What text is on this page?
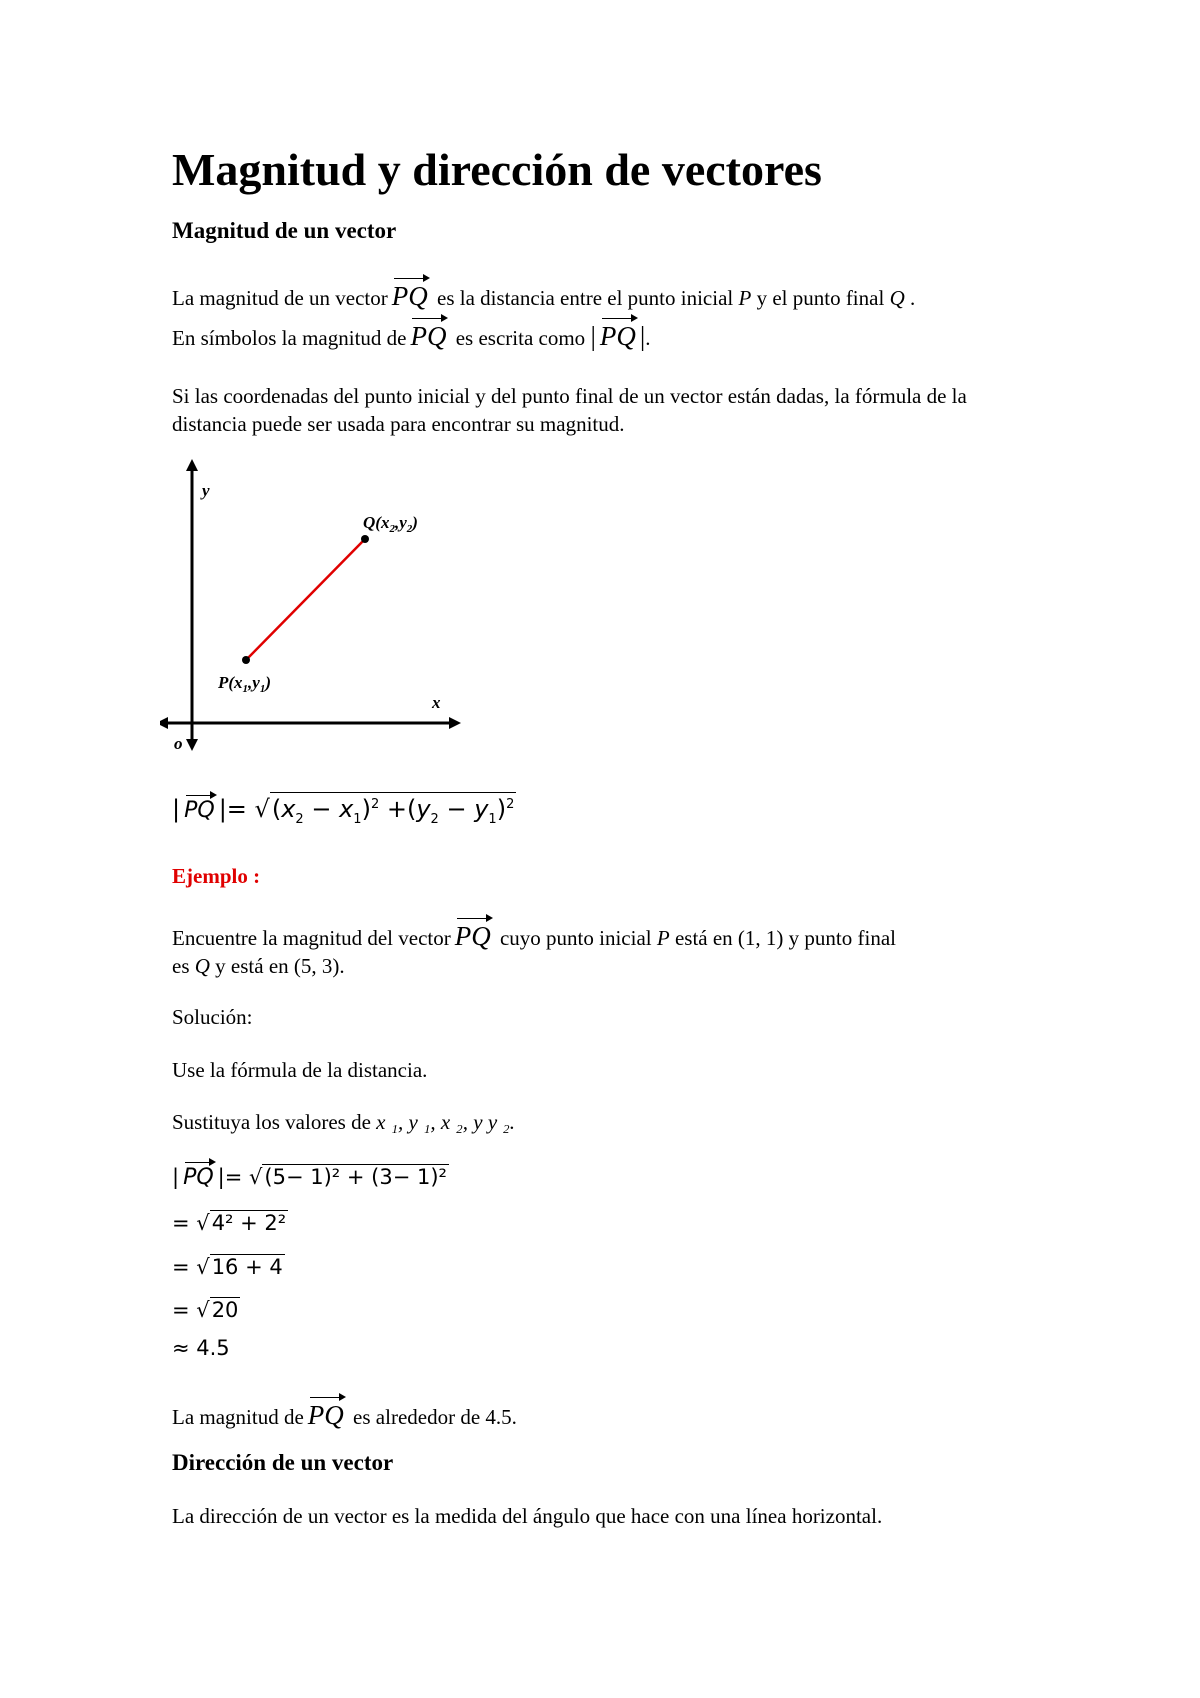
Magnitud y dirección de vectores
Magnitud de un vector
La magnitud de un vector PQ es la distancia entre el punto inicial P y el punto final Q .
En símbolos la magnitud de PQ es escrita como | PQ |.
Si las coordenadas del punto inicial y del punto final de un vector están dadas, la fórmula de la distancia puede ser usada para encontrar su magnitud.
y
x
o
$P(x_1,y_1)$
$Q(x_2,y_2)$
| PQ |= $√(x_2 - x_1)^2 +(y_2 - y_1)^2$
Ejemplo :
Encuentre la magnitud del vector PQ cuyo punto inicial P está en (1, 1) y punto final
es Q y está en (5, 3).
Solución:
Use la fórmula de la distancia.
Sustituya los valores de x ₁, y ₁, x ₂, y y ₂.
| PQ |= √(5− 1)² + (3− 1)²
= √4² + 2²
= √16 + 4
= √20
≈ 4.5
La magnitud de PQ es alrededor de 4.5.
Dirección de un vector
La dirección de un vector es la medida del ángulo que hace con una línea horizontal.
